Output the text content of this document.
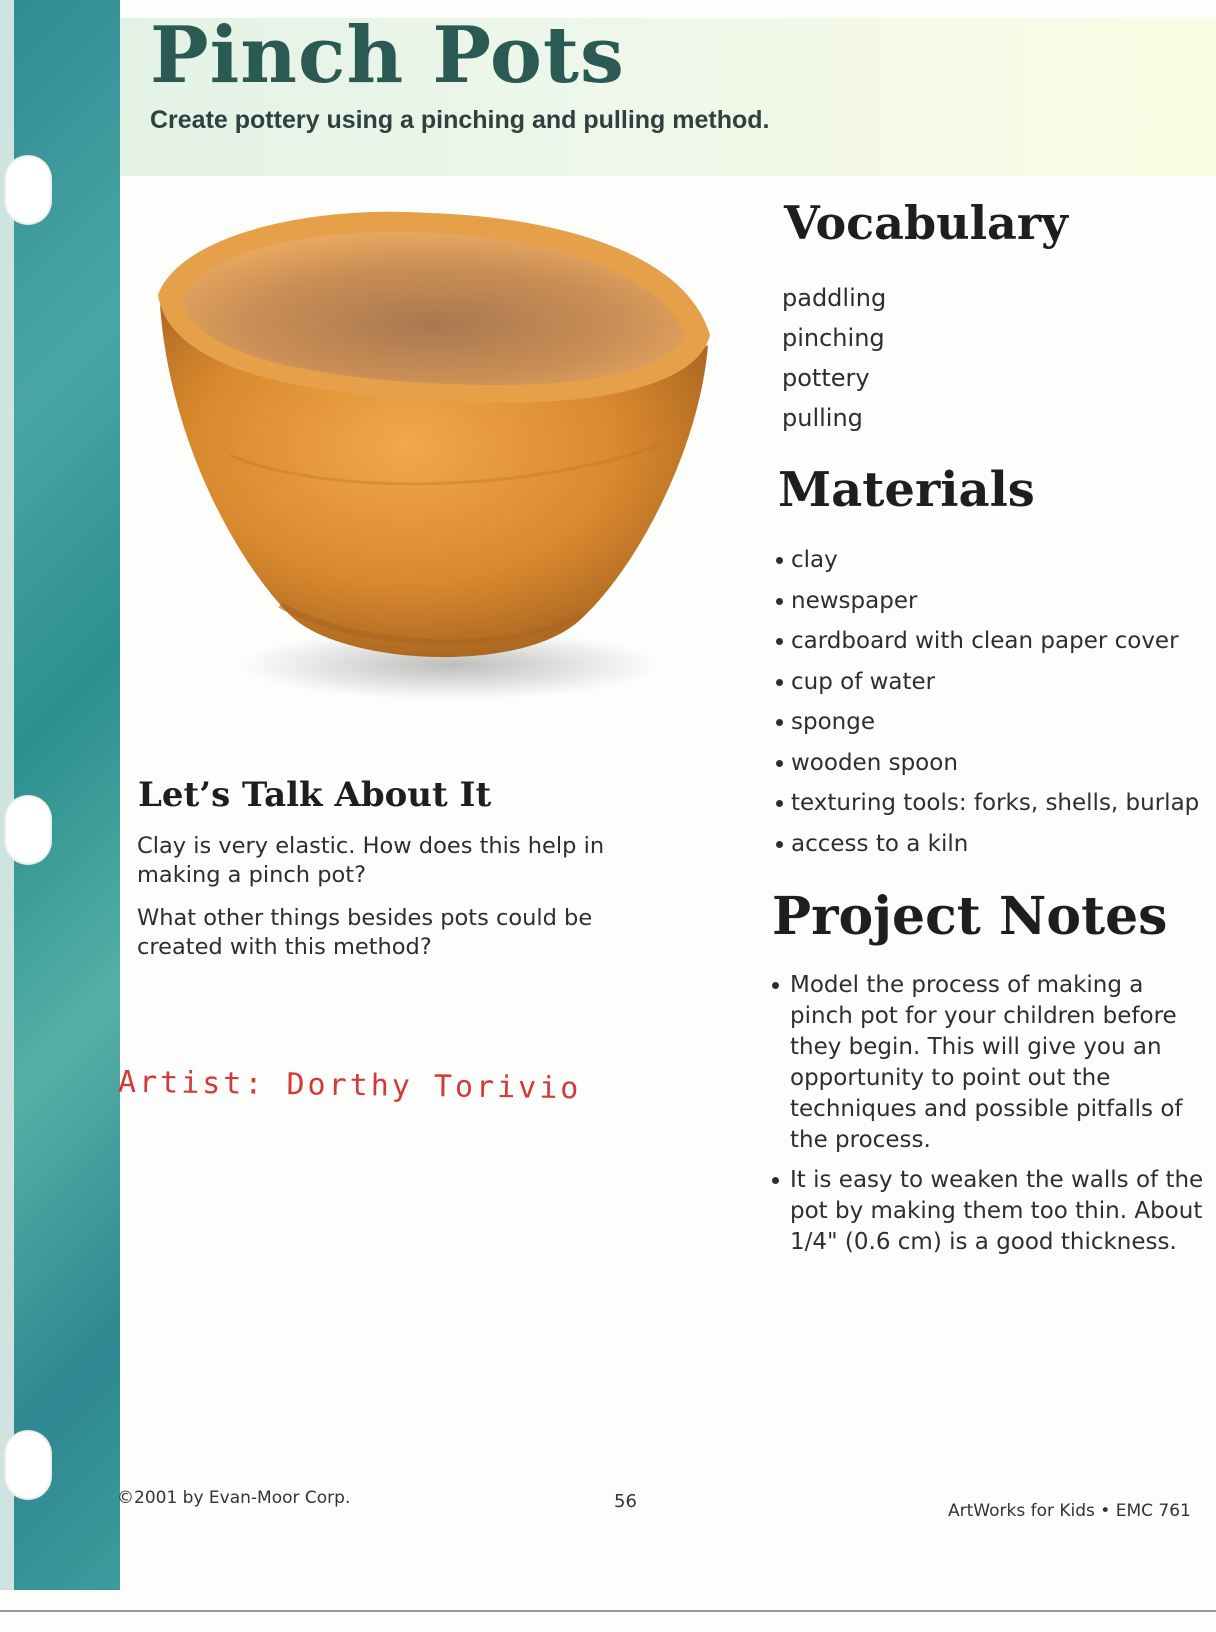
Pinch Pots

Create pottery using a pinching and pulling method.

Vocabulary
paddling
pinching
pottery
pulling
Materials
clay
newspaper
cardboard with clean paper cover
cup of water
sponge
wooden spoon
texturing tools: forks, shells, burlap
access to a kiln
Let’s Talk About It

Clay is very elastic. How does this help in making a pinch pot?

What other things besides pots could be created with this method?

Artist: Dorthy Torivio

Project Notes
Model the process of making a pinch pot for your children before they begin. This will give you an opportunity to point out the techniques and possible pitfalls of the process.
It is easy to weaken the walls of the pot by making them too thin. About 1/4" (0.6 cm) is a good thickness.

©2001 by Evan-Moor Corp.	56	ArtWorks for Kids • EMC 761
